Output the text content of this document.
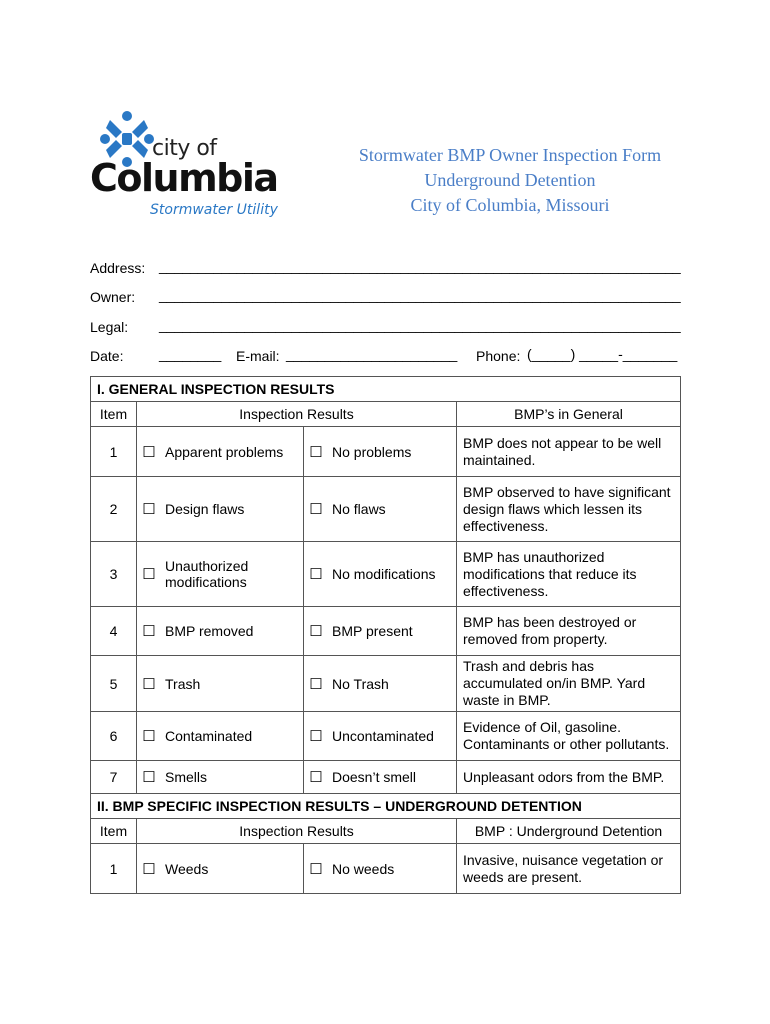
city of
Columbia
Stormwater Utility
Stormwater BMP Owner Inspection Form
Underground Detention
City of Columbia, Missouri
Address: ___________________________________________________________________
Owner: ___________________________________________________________________
Legal: ___________________________________________________________________
Date:	________ E-mail: ______________________ Phone: (_____) _____-_______
I. GENERAL INSPECTION RESULTS					
Item	Inspection Results				BMP’s in General
1	☐	Apparent problems	☐	No problems	BMP does not appear to be well maintained.
2	☐	Design flaws	☐	No flaws	BMP observed to have significant design flaws which lessen its effectiveness.
3	☐	Unauthorized modifications	☐	No modifications	BMP has unauthorized modifications that reduce its effectiveness.
4	☐	BMP removed	☐	BMP present	BMP has been destroyed or removed from property.
5	☐	Trash	☐	No Trash	Trash and debris has accumulated on/in BMP. Yard waste in BMP.
6	☐	Contaminated	☐	Uncontaminated	Evidence of Oil, gasoline. Contaminants or other pollutants.
7	☐	Smells	☐	Doesn’t smell	Unpleasant odors from the BMP.
II. BMP SPECIFIC INSPECTION RESULTS – UNDERGROUND DETENTION					
Item	Inspection Results				BMP : Underground Detention
1	☐	Weeds	☐	No weeds	Invasive, nuisance vegetation or weeds are present.
